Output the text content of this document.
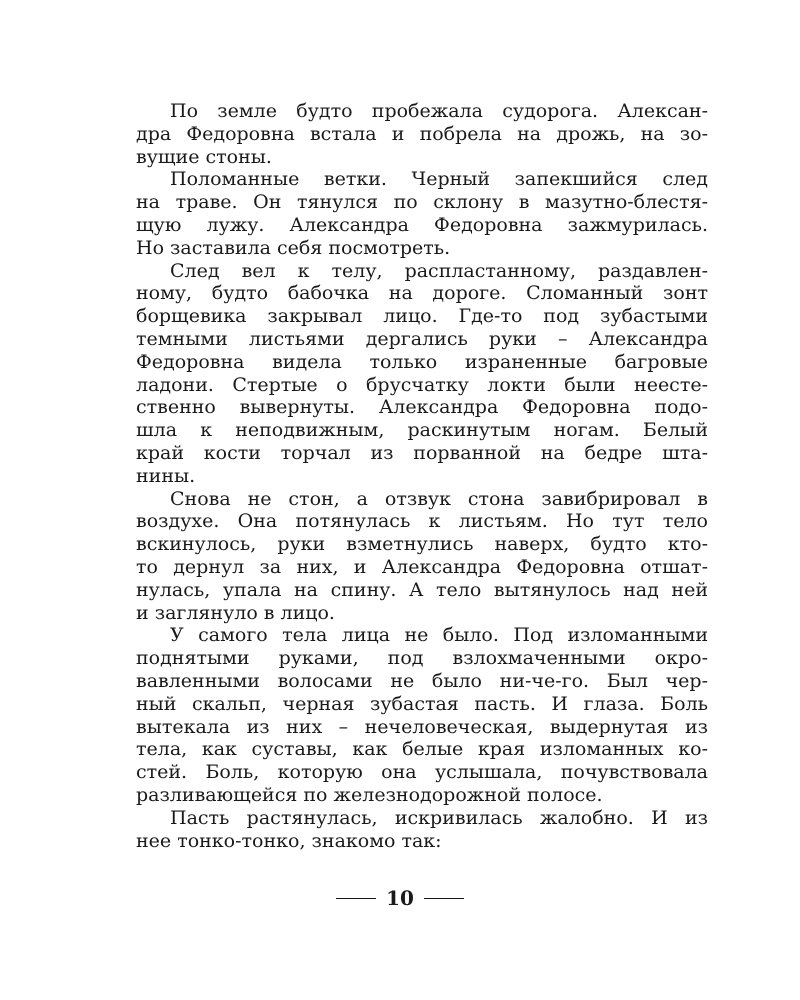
По земле будто пробежала судорога. Алексан-
дра Федоровна встала и побрела на дрожь, на зо-
вущие стоны.
Поломанные ветки. Черный запекшийся след
на траве. Он тянулся по склону в мазутно-блестя-
щую лужу. Александра Федоровна зажмурилась.
Но заставила себя посмотреть.
След вел к телу, распластанному, раздавлен-
ному, будто бабочка на дороге. Сломанный зонт
борщевика закрывал лицо. Где-то под зубастыми
темными листьями дергались руки – Александра
Федоровна видела только израненные багровые
ладони. Стертые о брусчатку локти были неесте-
ственно вывернуты. Александра Федоровна подо-
шла к неподвижным, раскинутым ногам. Белый
край кости торчал из порванной на бедре шта-
нины.
Снова не стон, а отзвук стона завибрировал в
воздухе. Она потянулась к листьям. Но тут тело
вскинулось, руки взметнулись наверх, будто кто-
то дернул за них, и Александра Федоровна отшат-
нулась, упала на спину. А тело вытянулось над ней
и заглянуло в лицо.
У самого тела лица не было. Под изломанными
поднятыми руками, под взлохмаченными окро-
вавленными волосами не было ни-че-го. Был чер-
ный скальп, черная зубастая пасть. И глаза. Боль
вытекала из них – нечеловеческая, выдернутая из
тела, как суставы, как белые края изломанных ко-
стей. Боль, которую она услышала, почувствовала
разливающейся по железнодорожной полосе.
Пасть растянулась, искривилась жалобно. И из
нее тонко-тонко, знакомо так:
10
